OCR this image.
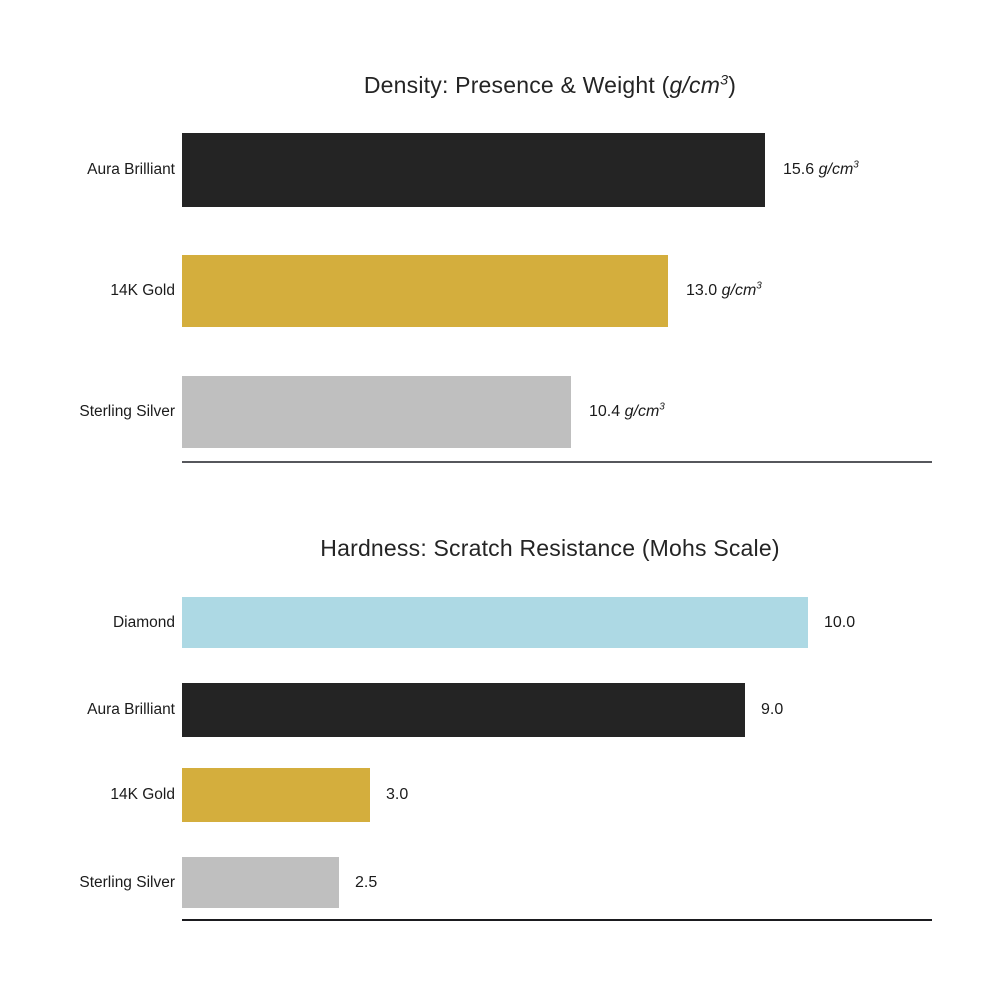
Density: Presence & Weight $(g/cm^3)$
Aura Brilliant	15.6 $g/cm^3$
14K Gold	13.0 $g/cm^3$
Sterling Silver	10.4 $g/cm^3$
Hardness: Scratch Resistance (Mohs Scale)
Diamond	10.0
Aura Brilliant	9.0
14K Gold	3.0
Sterling Silver	2.5
